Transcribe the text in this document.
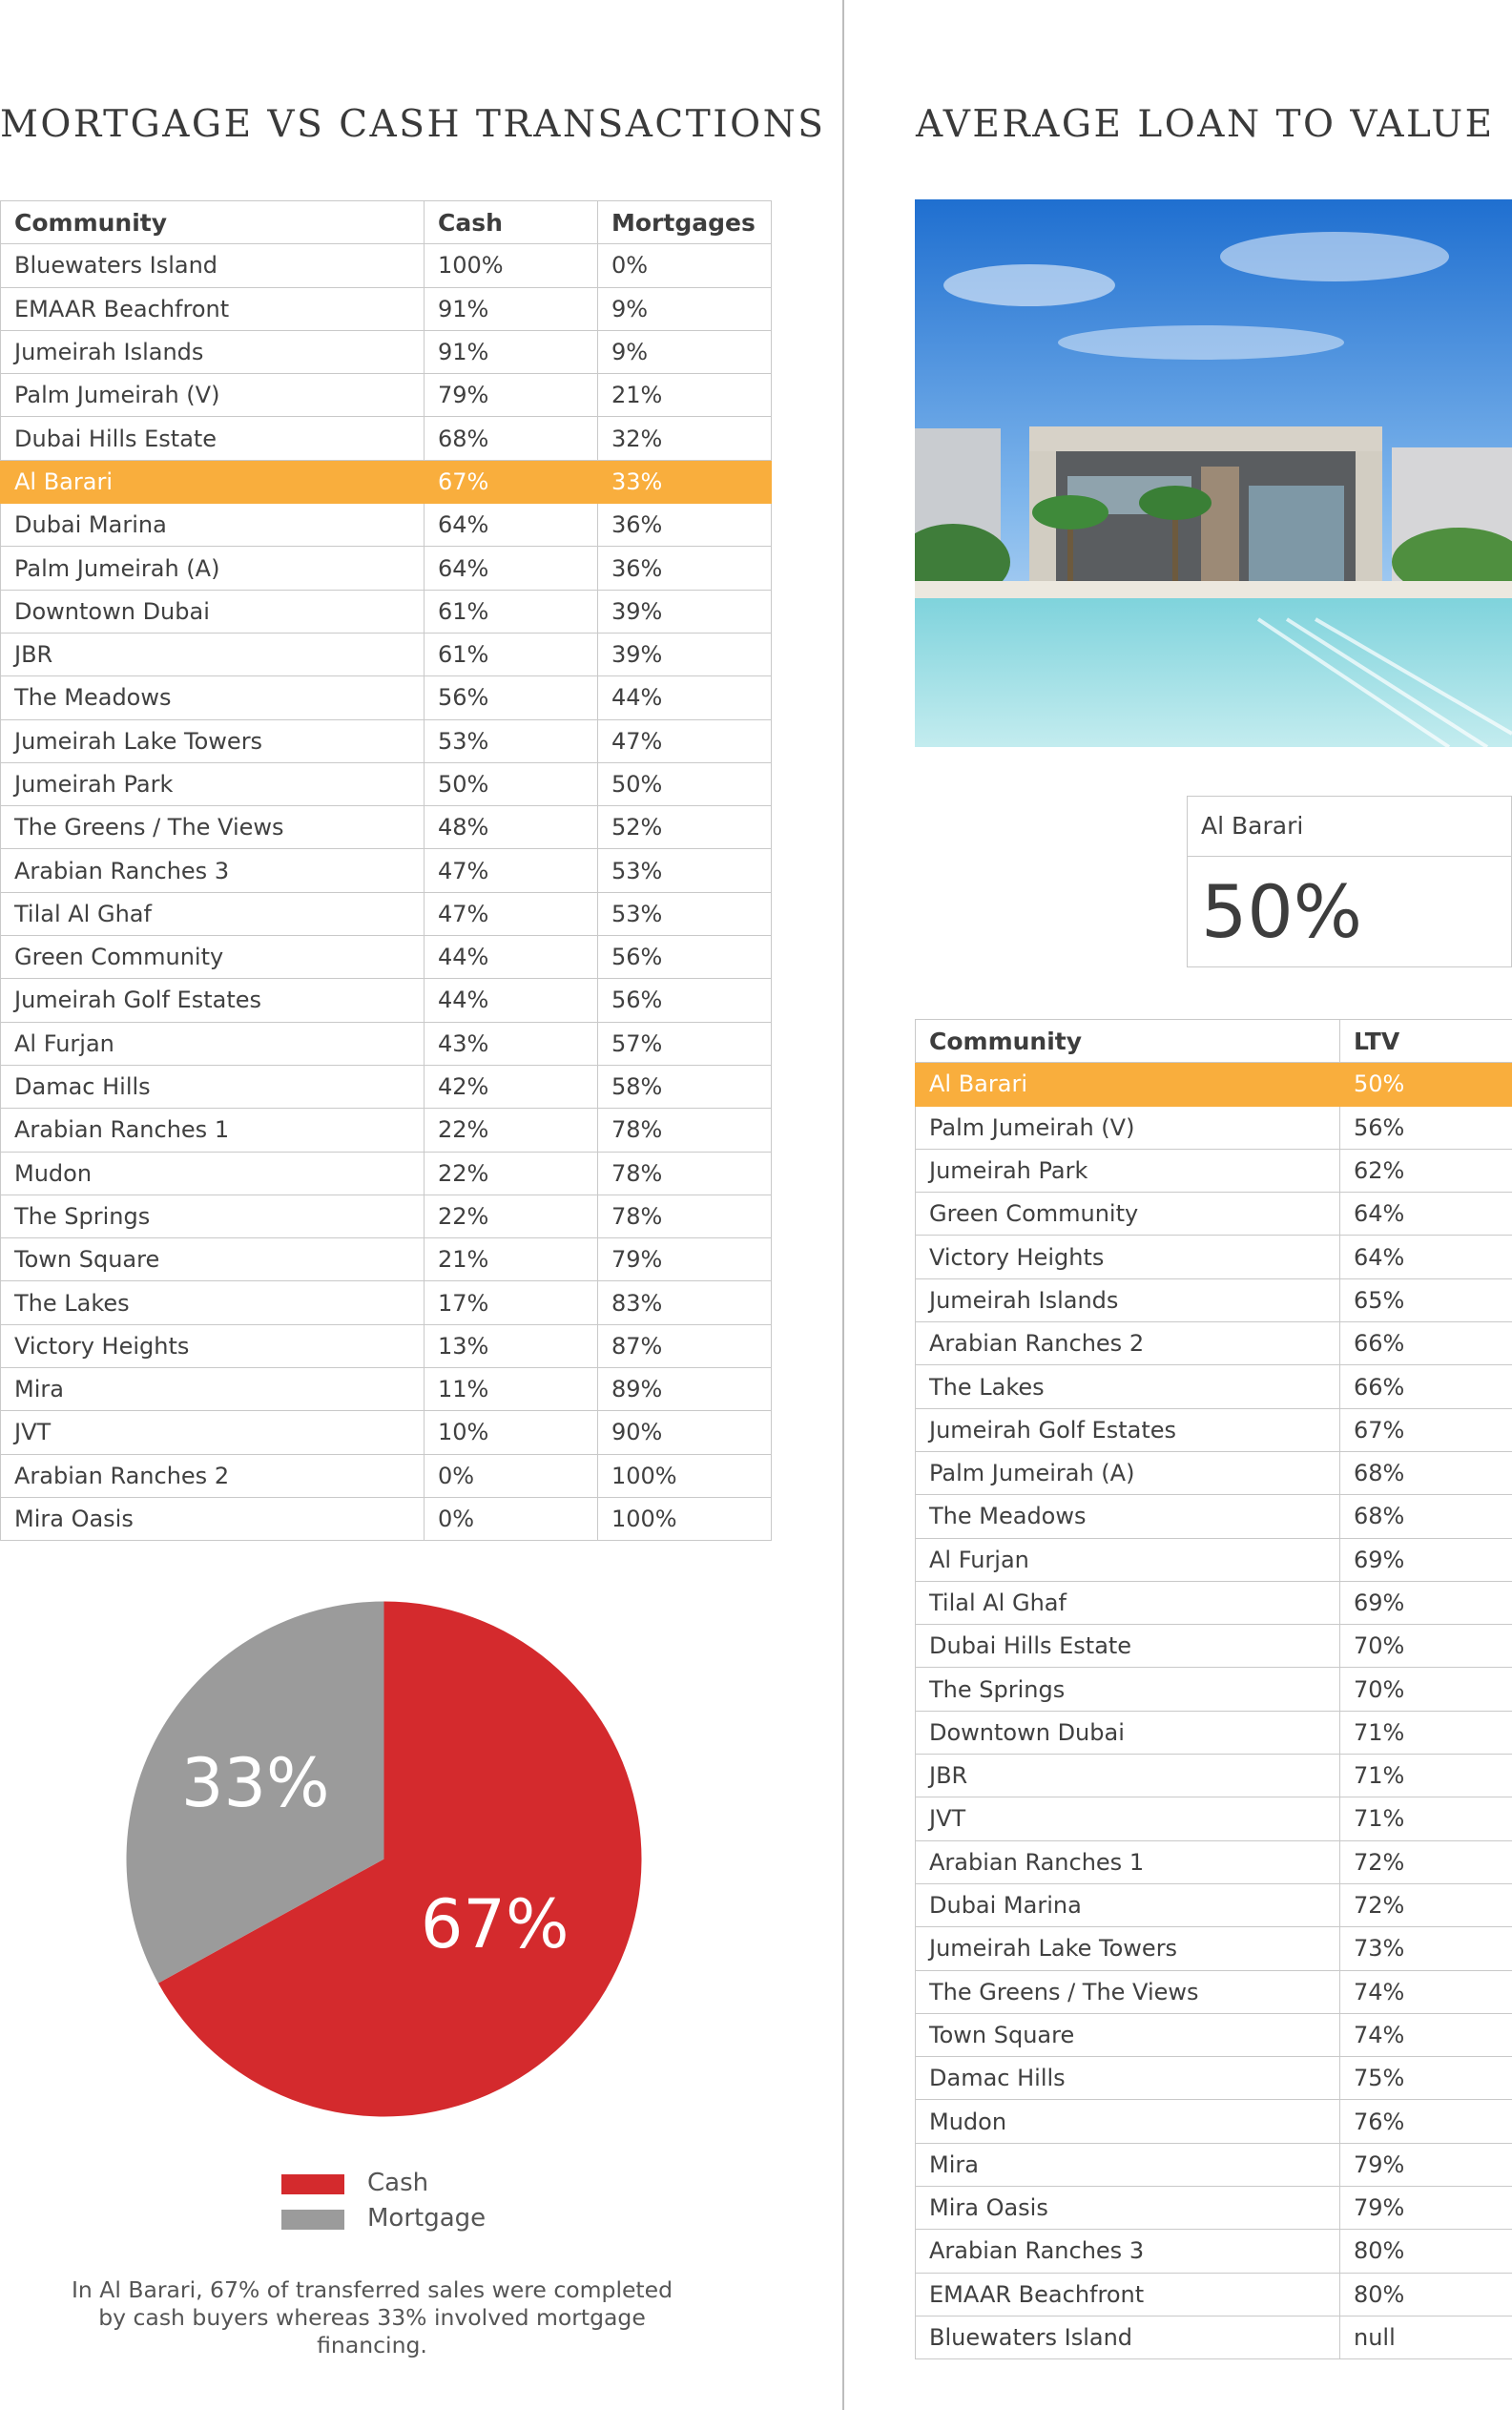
MORTGAGE VS CASH TRANSACTIONS AVERAGE LOAN TO VALUE
Community	Cash	Mortgages
Bluewaters Island	100%	0%
EMAAR Beachfront	91%	9%
Jumeirah Islands	91%	9%
Palm Jumeirah (V)	79%	21%
Dubai Hills Estate	68%	32%
Al Barari	67%	33%
Dubai Marina	64%	36%
Palm Jumeirah (A)	64%	36%
Downtown Dubai	61%	39%
JBR	61%	39%
The Meadows	56%	44%
Jumeirah Lake Towers	53%	47%
Jumeirah Park	50%	50%
The Greens / The Views	48%	52%
Arabian Ranches 3	47%	53%
Tilal Al Ghaf	47%	53%
Green Community	44%	56%
Jumeirah Golf Estates	44%	56%
Al Furjan	43%	57%
Damac Hills	42%	58%
Arabian Ranches 1	22%	78%
Mudon	22%	78%
The Springs	22%	78%
Town Square	21%	79%
The Lakes	17%	83%
Victory Heights	13%	87%
Mira	11%	89%
JVT	10%	90%
Arabian Ranches 2	0%	100%
Mira Oasis	0%	100%
Al Barari
50%
Community	LTV
Al Barari	50%
Palm Jumeirah (V)	56%
Jumeirah Park	62%
Green Community	64%
Victory Heights	64%
Jumeirah Islands	65%
Arabian Ranches 2	66%
The Lakes	66%
Jumeirah Golf Estates	67%
Palm Jumeirah (A)	68%
The Meadows	68%
Al Furjan	69%
Tilal Al Ghaf	69%
Dubai Hills Estate	70%
The Springs	70%
Downtown Dubai	71%
JBR	71%
JVT	71%
Arabian Ranches 1	72%
Dubai Marina	72%
Jumeirah Lake Towers	73%
The Greens / The Views	74%
Town Square	74%
Damac Hills	75%
Mudon	76%
Mira	79%
Mira Oasis	79%
Arabian Ranches 3	80%
EMAAR Beachfront	80%
Bluewaters Island	null
67%
33%
Cash
Mortgage
In Al Barari, 67% of transferred sales were completed by cash buyers whereas 33% involved mortgage financing.
